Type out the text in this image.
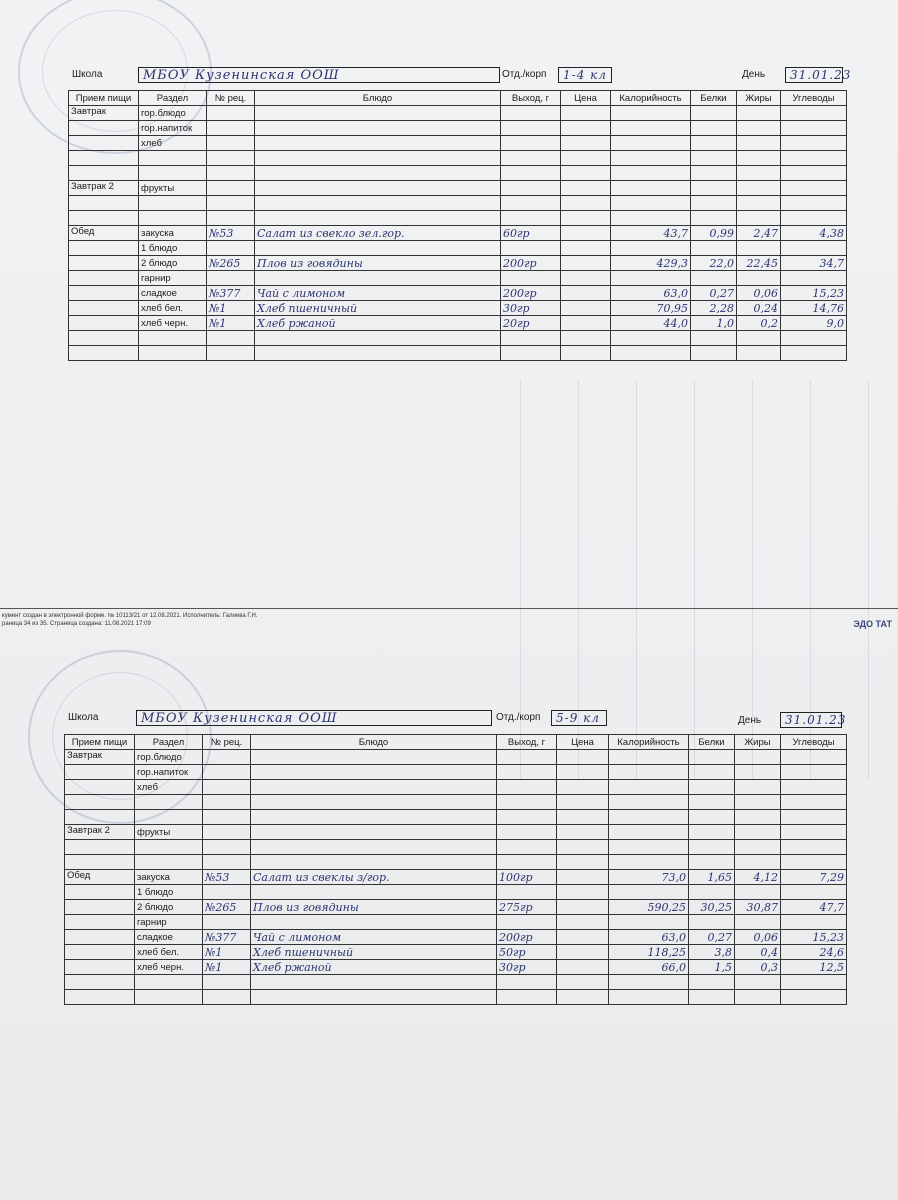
Школа	МБОУ Кузенинская ООШ	Отд./корп	1-4 кл	День	31.01.23
Прием пищи	Раздел	№ рец.	Блюдо	Выход, г	Цена	Калорийность	Белки	Жиры	Углеводы
Завтрак	гор.блюдо								
	гор.напиток								
	хлеб								

Завтрак 2	фрукты								

Обед	закуска	№53	Салат из свекло зел.гор.	60гр		43,7	0,99	2,47	4,38
	1 блюдо								
	2 блюдо	№265	Плов из говядины	200гр		429,3	22,0	22,45	34,7
	гарнир								
	сладкое	№377	Чай с лимоном	200гр		63,0	0,27	0,06	15,23
	хлеб бел.	№1	Хлеб пшеничный	30гр		70,95	2,28	0,24	14,76
	хлеб черн.	№1	Хлеб ржаной	20гр		44,0	1,0	0,2	9,0

кумент создан в электронной форме. № 10113/21 от 12.08.2021. Исполнитель: Галиева Г.Н.
раница 34 из 35. Страница создана: 11.08.2021 17:09	ЭДО ТАТ
Школа	МБОУ Кузенинская ООШ	Отд./корп	5-9 кл	День	31.01.23
Прием пищи	Раздел	№ рец.	Блюдо	Выход, г	Цена	Калорийность	Белки	Жиры	Углеводы
Завтрак	гор.блюдо								
	гор.напиток								
	хлеб								

Завтрак 2	фрукты								

Обед	закуска	№53	Салат из свеклы з/гор.	100гр		73,0	1,65	4,12	7,29
	1 блюдо								
	2 блюдо	№265	Плов из говядины	275гр		590,25	30,25	30,87	47,7
	гарнир								
	сладкое	№377	Чай с лимоном	200гр		63,0	0,27	0,06	15,23
	хлеб бел.	№1	Хлеб пшеничный	50гр		118,25	3,8	0,4	24,6
	хлеб черн.	№1	Хлеб ржаной	30гр		66,0	1,5	0,3	12,5
